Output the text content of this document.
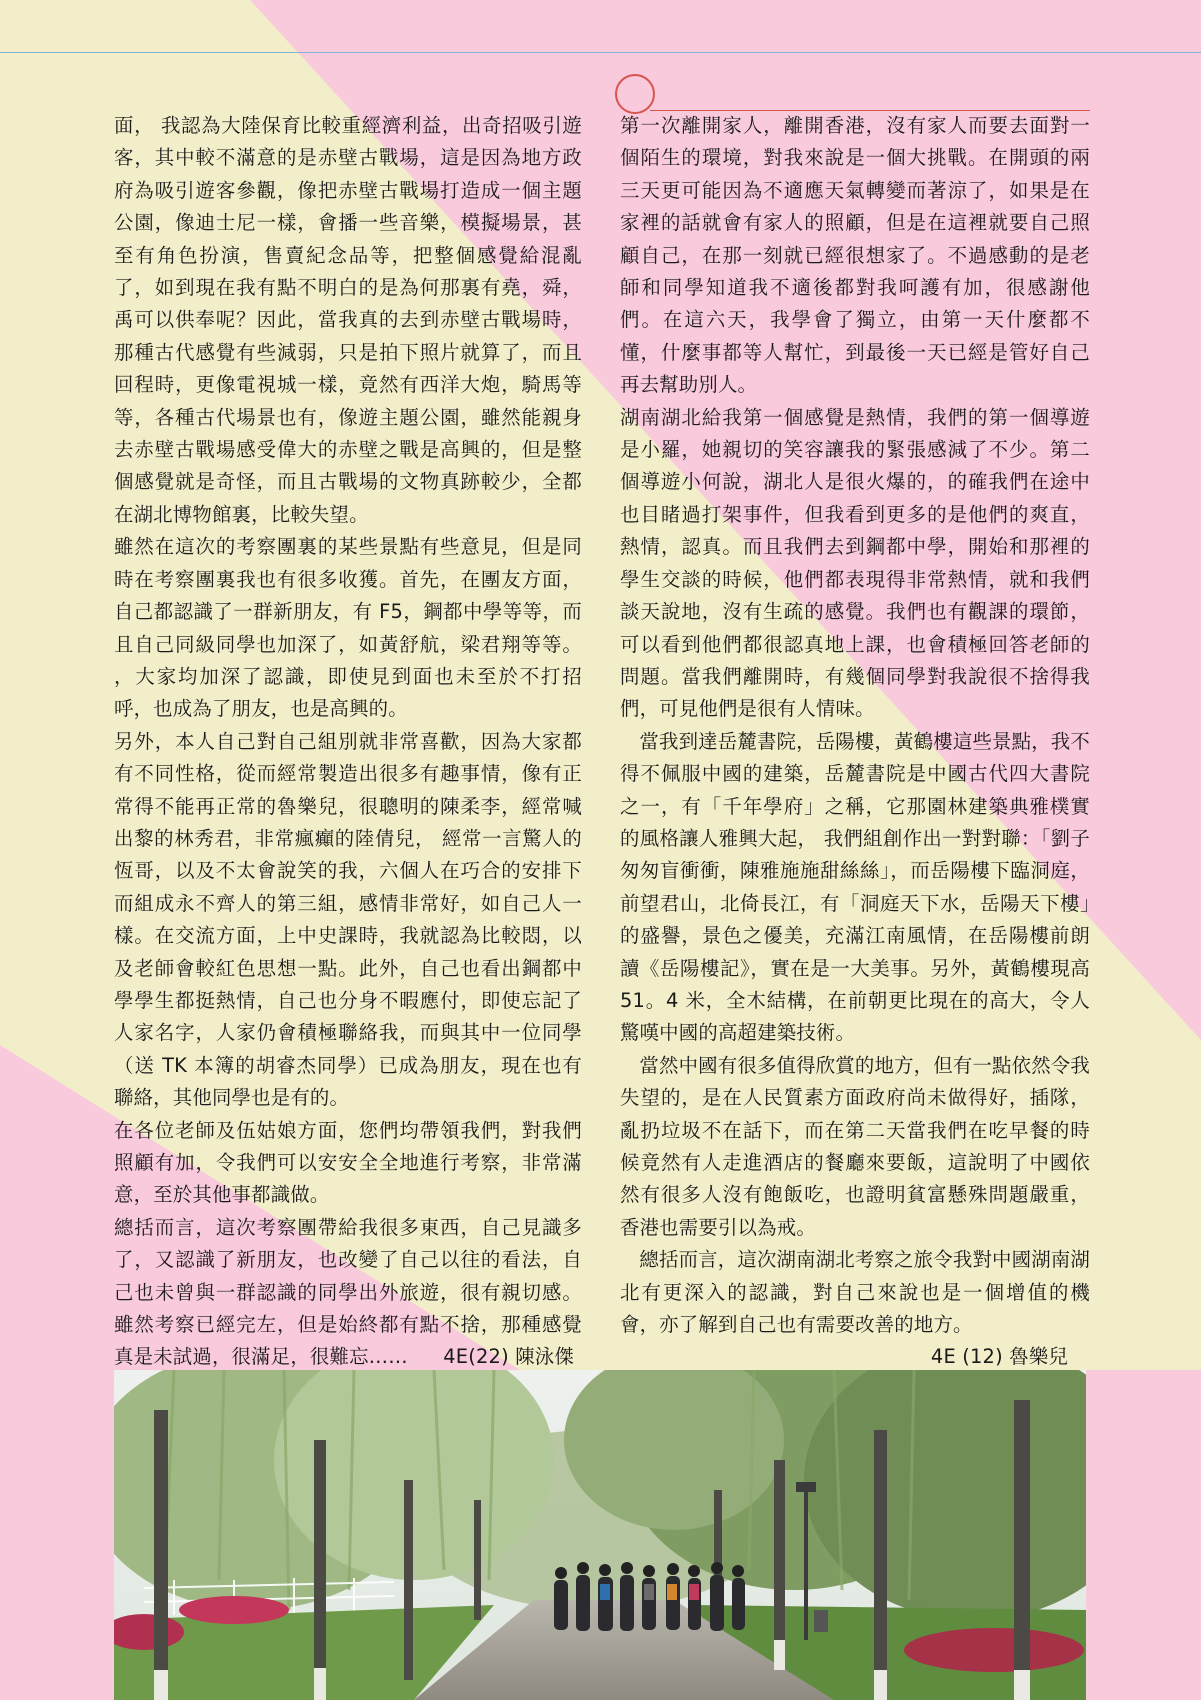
面， 我認為大陸保育比較重經濟利益，出奇招吸引遊客，其中較不滿意的是赤壁古戰場，這是因為地方政府為吸引遊客參觀，像把赤壁古戰場打造成一個主題公園，像迪士尼一樣，會播一些音樂，模擬場景，甚至有角色扮演，售賣紀念品等，把整個感覺給混亂了，如到現在我有點不明白的是為何那裏有堯，舜，禹可以供奉呢？因此，當我真的去到赤壁古戰場時，那種古代感覺有些減弱，只是拍下照片就算了，而且回程時，更像電視城一樣，竟然有西洋大炮，騎馬等等，各種古代場景也有，像遊主題公園，雖然能親身去赤壁古戰場感受偉大的赤壁之戰是高興的，但是整個感覺就是奇怪，而且古戰場的文物真跡較少，全都在湖北博物館裏，比較失望。

雖然在這次的考察團裏的某些景點有些意見，但是同時在考察團裏我也有很多收獲。首先，在團友方面，自己都認識了一群新朋友，有 F5，鋼都中學等等，而且自己同級同學也加深了，如黃舒航，梁君翔等等。 ，大家均加深了認識，即使見到面也未至於不打招呼，也成為了朋友，也是高興的。

另外，本人自己對自己組別就非常喜歡，因為大家都有不同性格，從而經常製造出很多有趣事情，像有正常得不能再正常的魯樂兒，很聰明的陳柔李，經常喊出黎的林秀君，非常瘋癲的陸倩兒， 經常一言驚人的恆哥，以及不太會說笑的我，六個人在巧合的安排下而組成永不齊人的第三組，感情非常好，如自己人一樣。在交流方面，上中史課時，我就認為比較悶，以及老師會較紅色思想一點。此外，自己也看出鋼都中學學生都挺熱情，自己也分身不暇應付，即使忘記了人家名字，人家仍會積極聯絡我，而與其中一位同學（送 TK 本簿的胡睿杰同學）已成為朋友，現在也有聯絡，其他同學也是有的。

在各位老師及伍姑娘方面，您們均帶領我們，對我們照顧有加，令我們可以安安全全地進行考察，非常滿意，至於其他事都識做。

總括而言，這次考察團帶給我很多東西，自己見識多了，又認識了新朋友，也改變了自己以往的看法，自己也未曾與一群認識的同學出外旅遊，很有親切感。雖然考察已經完左，但是始終都有點不捨，那種感覺真是未試過，很滿足，很難忘…… 4E(22) 陳泳傑

第一次離開家人，離開香港，沒有家人而要去面對一個陌生的環境，對我來說是一個大挑戰。在開頭的兩三天更可能因為不適應天氣轉變而著涼了，如果是在家裡的話就會有家人的照顧，但是在這裡就要自己照顧自己，在那一刻就已經很想家了。不過感動的是老師和同學知道我不適後都對我呵護有加，很感謝他們。在這六天，我學會了獨立，由第一天什麼都不懂，什麼事都等人幫忙，到最後一天已經是管好自己再去幫助別人。

湖南湖北給我第一個感覺是熱情，我們的第一個導遊是小羅，她親切的笑容讓我的緊張感減了不少。第二個導遊小何說，湖北人是很火爆的，的確我們在途中也目睹過打架事件，但我看到更多的是他們的爽直，熱情，認真。而且我們去到鋼都中學，開始和那裡的學生交談的時候，他們都表現得非常熱情，就和我們談天說地，沒有生疏的感覺。我們也有觀課的環節，可以看到他們都很認真地上課，也會積極回答老師的問題。當我們離開時，有幾個同學對我說很不捨得我們，可見他們是很有人情味。

當我到達岳麓書院，岳陽樓，黃鶴樓這些景點，我不得不佩服中國的建築，岳麓書院是中國古代四大書院之一，有「千年學府」之稱，它那園林建築典雅樸實的風格讓人雅興大起， 我們組創作出一對對聯：「劉子匆匆盲衝衝，陳雅施施甜絲絲」，而岳陽樓下臨洞庭，前望君山，北倚長江，有「洞庭天下水，岳陽天下樓」的盛譽，景色之優美，充滿江南風情，在岳陽樓前朗讀《岳陽樓記》，實在是一大美事。另外，黃鶴樓現高 51。4 米，全木結構，在前朝更比現在的高大，令人驚嘆中國的高超建築技術。

當然中國有很多值得欣賞的地方，但有一點依然令我失望的，是在人民質素方面政府尚未做得好，插隊，亂扔垃圾不在話下，而在第二天當我們在吃早餐的時候竟然有人走進酒店的餐廳來要飯，這說明了中國依然有很多人沒有飽飯吃，也證明貧富懸殊問題嚴重，香港也需要引以為戒。

總括而言，這次湖南湖北考察之旅令我對中國湖南湖北有更深入的認識，對自己來說也是一個增值的機會，亦了解到自己也有需要改善的地方。

4E (12) 魯樂兒
